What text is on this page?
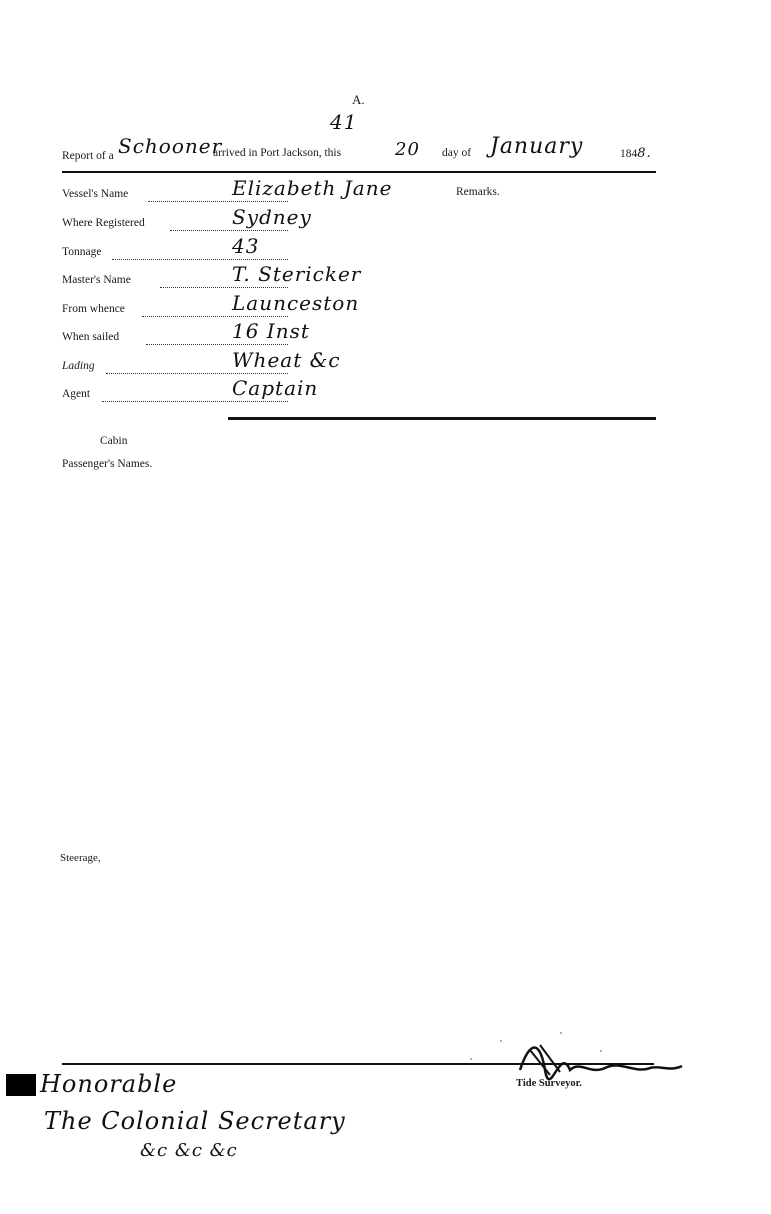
A.
41
Report of a Schooner
arrived in Port Jackson, this	20 day of January	1848.
Remarks.
Vessel's Name	Elizabeth Jane
Where Registered	Sydney
Tonnage	43
Master's Name	T. Stericker
From whence	Launceston
When sailed	16 Inst
Lading	Wheat &c
Agent	Captain
Cabin
Passenger's Names.
Steerage,
Tide Surveyor.
Honorable
The Colonial Secretary
&c &c &c
